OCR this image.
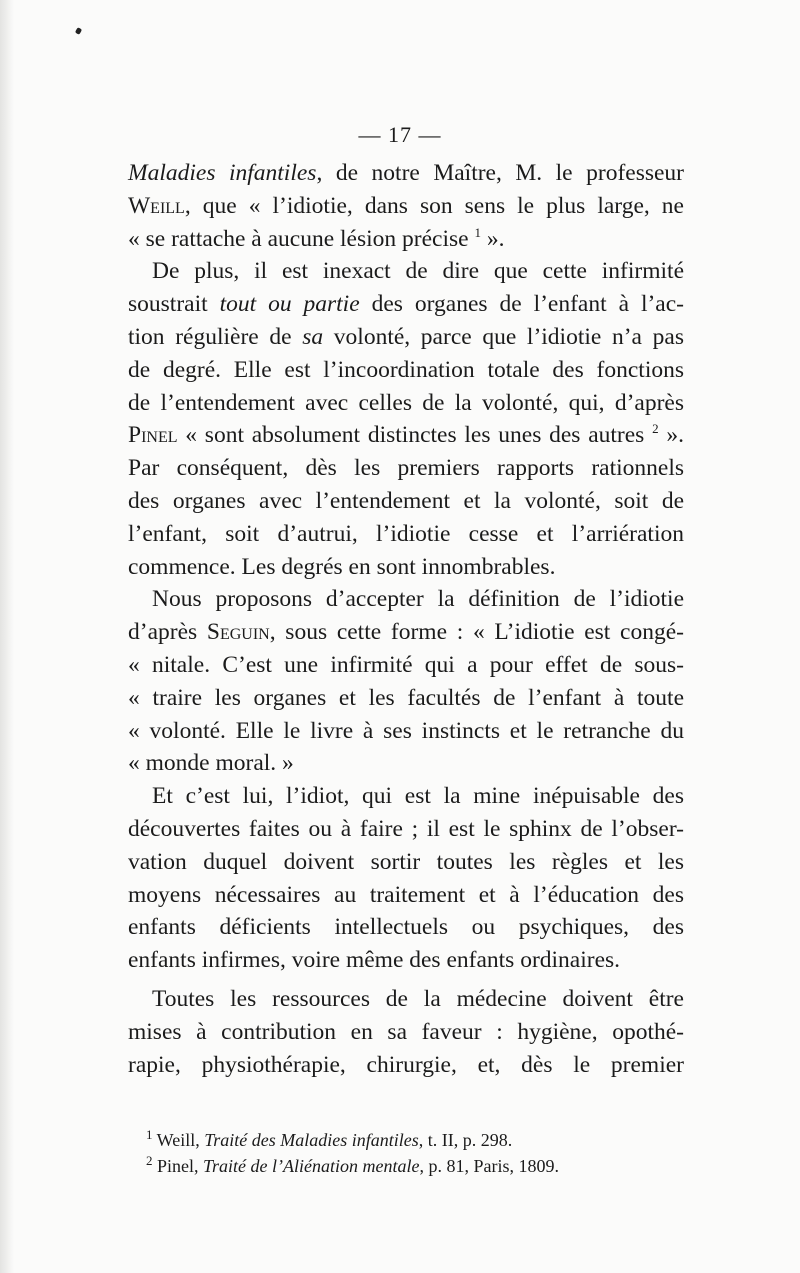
— 17 —

Maladies infantiles, de notre Maître, M. le professeur

Weill, que « l’idiotie, dans son sens le plus large, ne

« se rattache à aucune lésion précise $^1$ ».

De plus, il est inexact de dire que cette infirmité

soustrait tout ou partie des organes de l’enfant à l’ac-

tion régulière de sa volonté, parce que l’idiotie n’a pas

de degré. Elle est l’incoordination totale des fonctions

de l’entendement avec celles de la volonté, qui, d’après

Pinel « sont absolument distinctes les unes des autres $^2$ ».

Par conséquent, dès les premiers rapports rationnels

des organes avec l’entendement et la volonté, soit de

l’enfant, soit d’autrui, l’idiotie cesse et l’arriération

commence. Les degrés en sont innombrables.

Nous proposons d’accepter la définition de l’idiotie

d’après Seguin, sous cette forme : « L’idiotie est congé-

« nitale. C’est une infirmité qui a pour effet de sous-

« traire les organes et les facultés de l’enfant à toute

« volonté. Elle le livre à ses instincts et le retranche du

« monde moral. »

Et c’est lui, l’idiot, qui est la mine inépuisable des

découvertes faites ou à faire ; il est le sphinx de l’obser-

vation duquel doivent sortir toutes les règles et les

moyens nécessaires au traitement et à l’éducation des

enfants déficients intellectuels ou psychiques, des

enfants infirmes, voire même des enfants ordinaires.

Toutes les ressources de la médecine doivent être

mises à contribution en sa faveur : hygiène, opothé-

rapie, physiothérapie, chirurgie, et, dès le premier

$^1$ Weill, Traité des Maladies infantiles, t. II, p. 298.

$^2$ Pinel, Traité de l’Aliénation mentale, p. 81, Paris, 1809.
